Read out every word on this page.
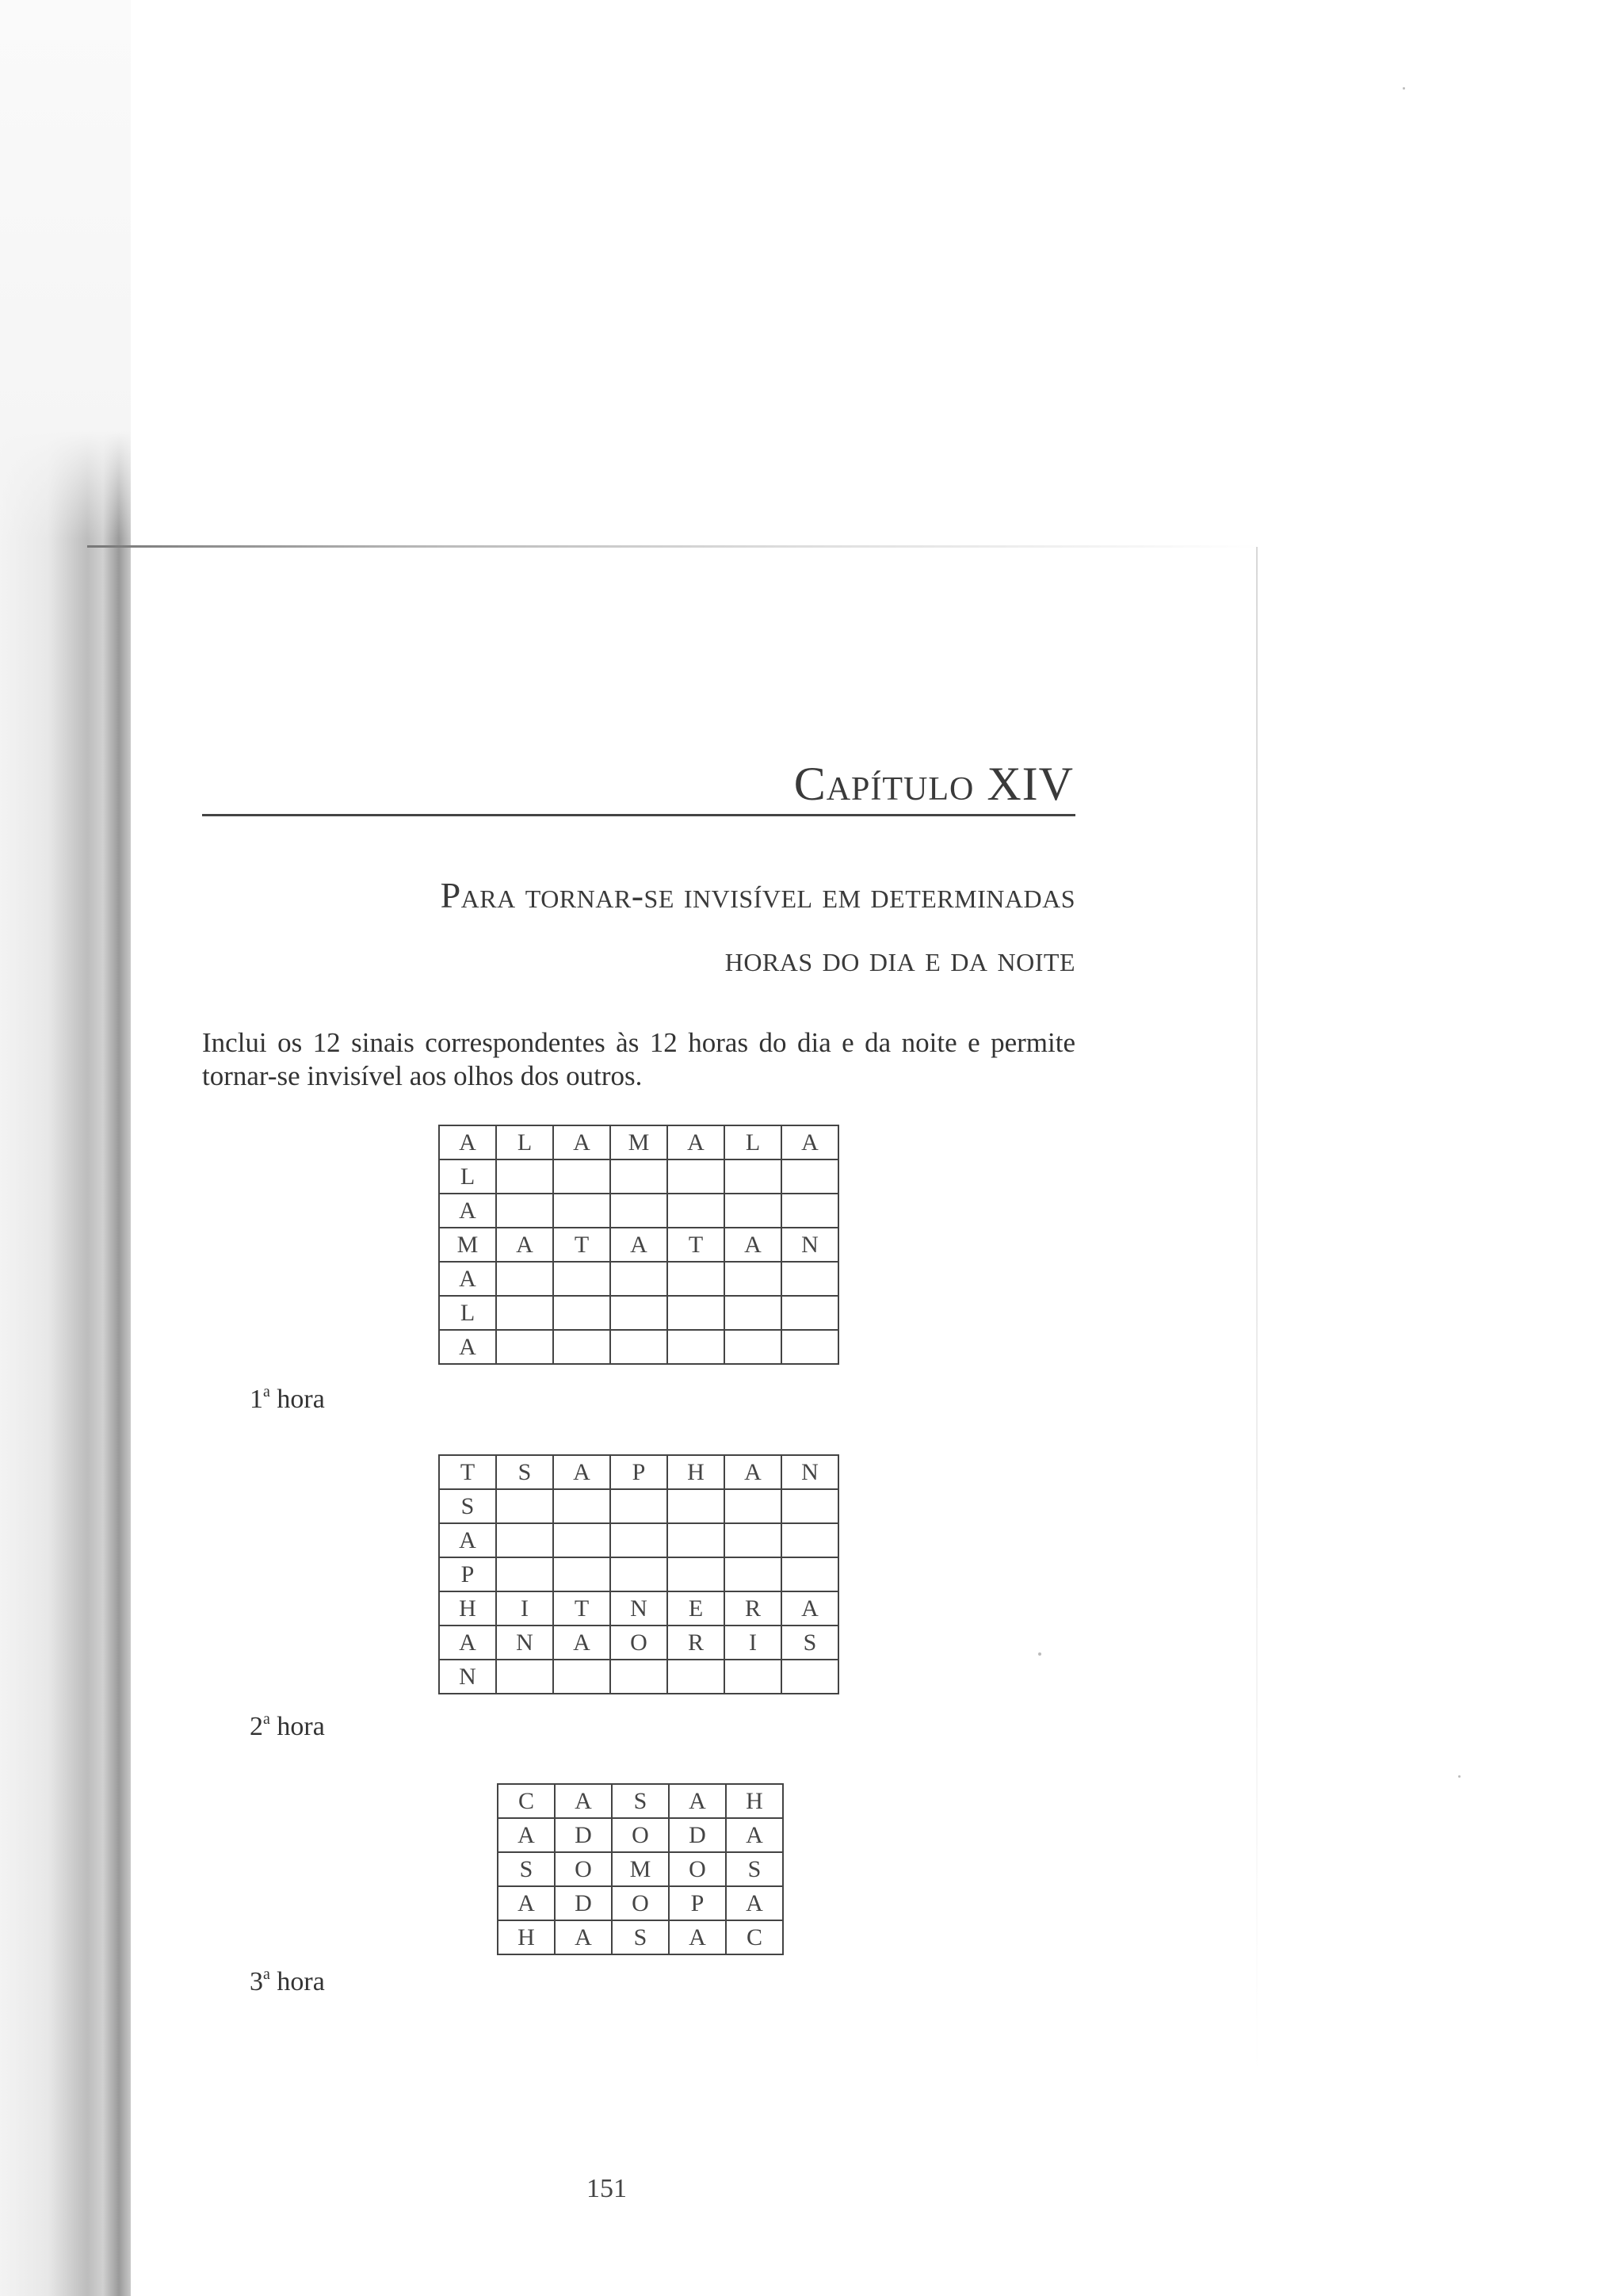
Capítulo XIV
Para tornar-se invisível em determinadas
horas do dia e da noite
Inclui os 12 sinais correspondentes às 12 horas do dia e da noite e permite tornar-se invisível aos olhos dos outros.
A	L	A	M	A	L	A
L						
A						
M	A	T	A	T	A	N
A						
L						
A						
1$^a$ hora
T	S	A	P	H	A	N
S						
A						
P						
H	I	T	N	E	R	A
A	N	A	O	R	I	S
N						
2$^a$ hora
C	A	S	A	H
A	D	O	D	A
S	O	M	O	S
A	D	O	P	A
H	A	S	A	C
3$^a$ hora
151
